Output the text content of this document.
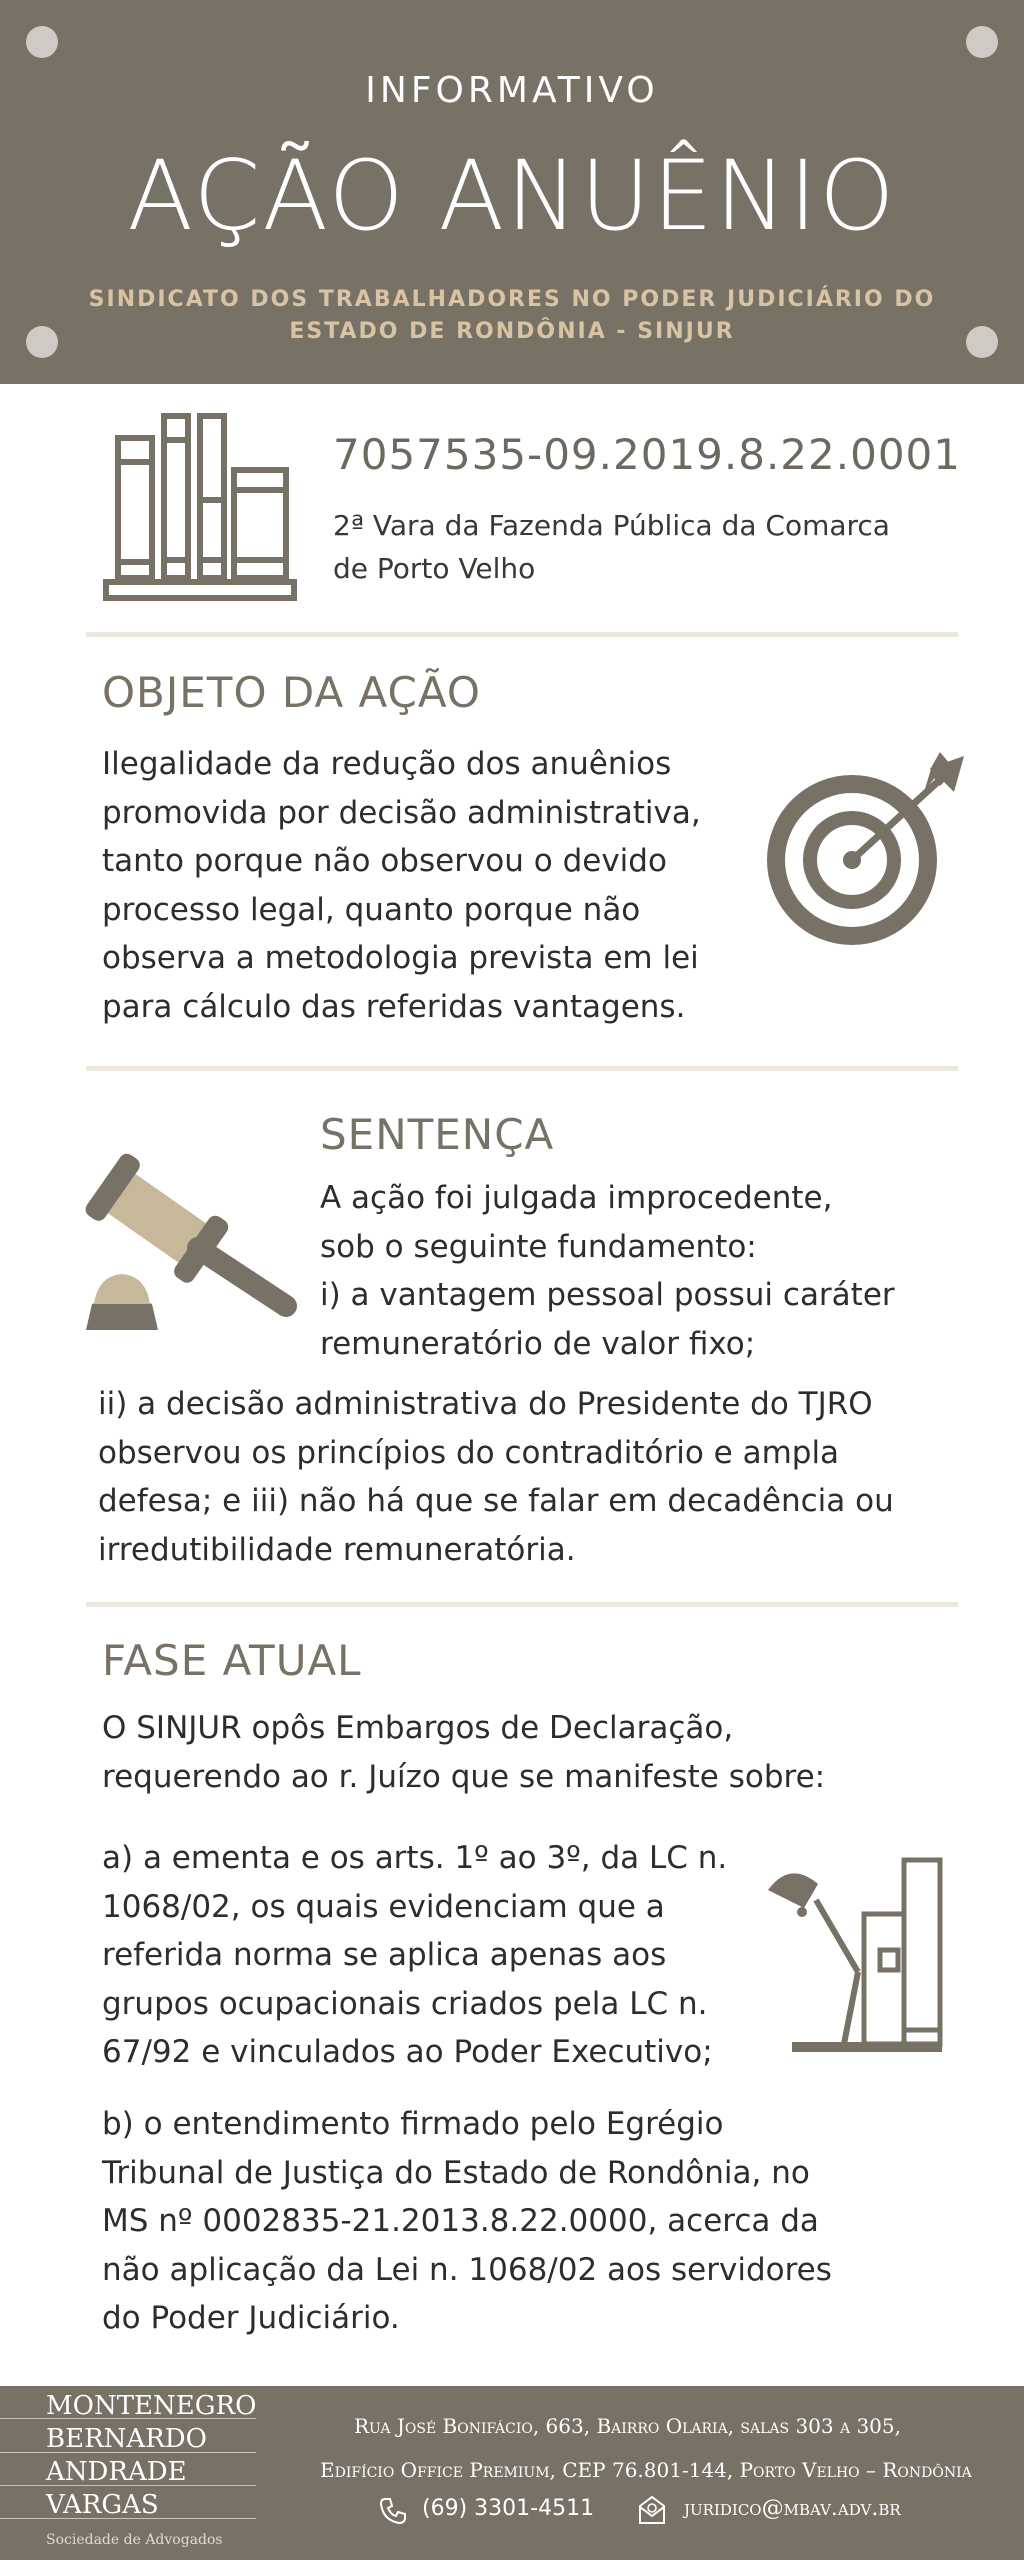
INFORMATIVO
AÇÃO ANUÊNIO
SINDICATO DOS TRABALHADORES NO PODER JUDICIÁRIO DO
ESTADO DE RONDÔNIA - SINJUR
7057535-09.2019.8.22.0001
2ª Vara da Fazenda Pública da Comarca
de Porto Velho
OBJETO DA AÇÃO
Ilegalidade da redução dos anuênios
promovida por decisão administrativa,
tanto porque não observou o devido
processo legal, quanto porque não
observa a metodologia prevista em lei
para cálculo das referidas vantagens.
SENTENÇA
A ação foi julgada improcedente,
sob o seguinte fundamento:
i) a vantagem pessoal possui caráter
remuneratório de valor fixo;
ii) a decisão administrativa do Presidente do TJRO
observou os princípios do contraditório e ampla
defesa; e iii) não há que se falar em decadência ou
irredutibilidade remuneratória.
FASE ATUAL
O SINJUR opôs Embargos de Declaração,
requerendo ao r. Juízo que se manifeste sobre:
a) a ementa e os arts. 1º ao 3º, da LC n.
1068/02, os quais evidenciam que a
referida norma se aplica apenas aos
grupos ocupacionais criados pela LC n.
67/92 e vinculados ao Poder Executivo;
b) o entendimento firmado pelo Egrégio
Tribunal de Justiça do Estado de Rondônia, no
MS nº 0002835-21.2013.8.22.0000, acerca da
não aplicação da Lei n. 1068/02 aos servidores
do Poder Judiciário.
MONTENEGRO
BERNARDO
ANDRADE
VARGAS
Sociedade de Advogados
Rua José Bonifácio, 663, Bairro Olaria, salas 303 a 305,
Edifício Office Premium, CEP 76.801-144, Porto Velho – Rondônia
(69) 3301-4511	juridico@mbav.adv.br
